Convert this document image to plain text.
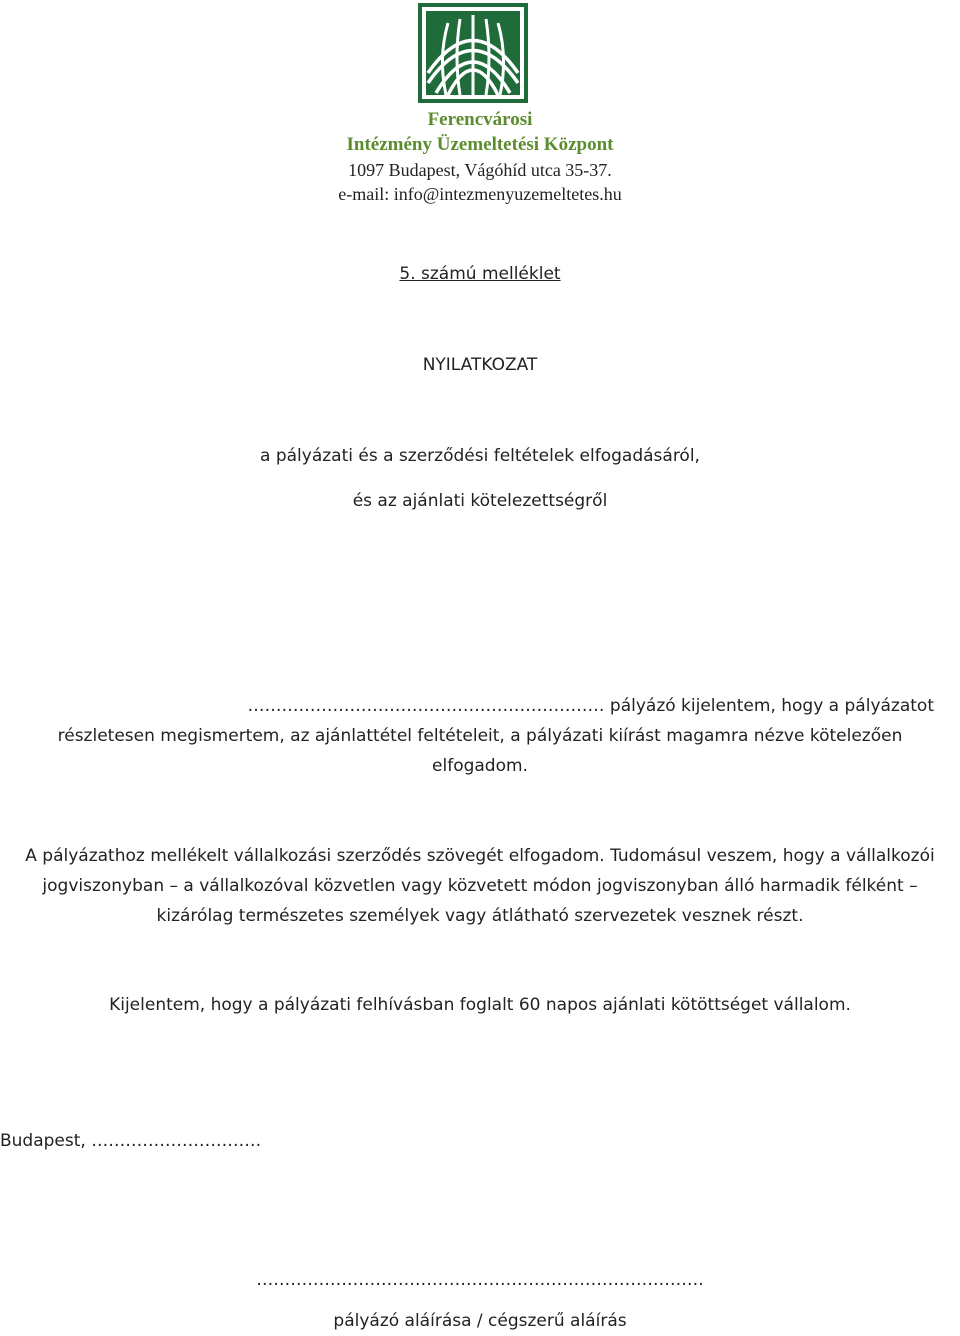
Ferencvárosi
Intézmény Üzemeltetési Központ
1097 Budapest, Vágóhíd utca 35-37.
e-mail: info@intezmenyuzemeltetes.hu
5. számú melléklet
NYILATKOZAT
a pályázati és a szerződési feltételek elfogadásáról,
és az ajánlati kötelezettségről
……………………………………………………… pályázó kijelentem, hogy a pályázatot
részletesen megismertem, az ajánlattétel feltételeit, a pályázati kiírást magamra nézve kötelezően
elfogadom.
A pályázathoz mellékelt vállalkozási szerződés szövegét elfogadom. Tudomásul veszem, hogy a vállalkozói
jogviszonyban – a vállalkozóval közvetlen vagy közvetett módon jogviszonyban álló harmadik félként –
kizárólag természetes személyek vagy átlátható szervezetek vesznek részt.
Kijelentem, hogy a pályázati felhívásban foglalt 60 napos ajánlati kötöttséget vállalom.
Budapest, …………………………
…………………………………………………………………….
pályázó aláírása / cégszerű aláírás
